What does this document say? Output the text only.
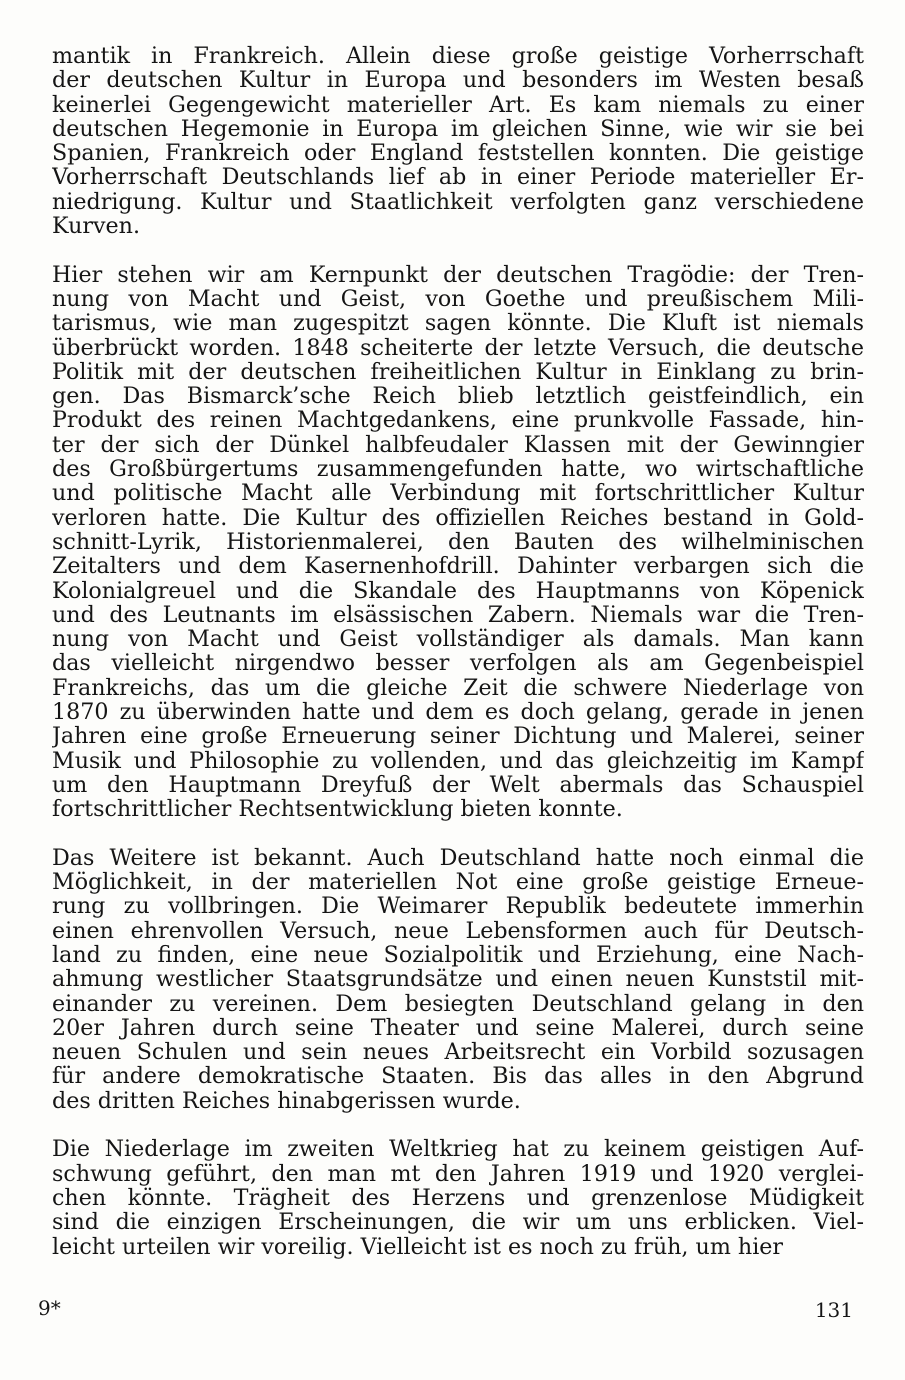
mantik in Frankreich. Allein diese große geistige Vorherrschaft
der deutschen Kultur in Europa und besonders im Westen besaß
keinerlei Gegengewicht materieller Art. Es kam niemals zu einer
deutschen Hegemonie in Europa im gleichen Sinne, wie wir sie bei
Spanien, Frankreich oder England feststellen konnten. Die geistige
Vorherrschaft Deutschlands lief ab in einer Periode materieller Er-
niedrigung. Kultur und Staatlichkeit verfolgten ganz verschiedene
Kurven.
Hier stehen wir am Kernpunkt der deutschen Tragödie: der Tren-
nung von Macht und Geist, von Goethe und preußischem Mili-
tarismus, wie man zugespitzt sagen könnte. Die Kluft ist niemals
überbrückt worden. 1848 scheiterte der letzte Versuch, die deutsche
Politik mit der deutschen freiheitlichen Kultur in Einklang zu brin-
gen. Das Bismarck’sche Reich blieb letztlich geistfeindlich, ein
Produkt des reinen Machtgedankens, eine prunkvolle Fassade, hin-
ter der sich der Dünkel halbfeudaler Klassen mit der Gewinngier
des Großbürgertums zusammengefunden hatte, wo wirtschaftliche
und politische Macht alle Verbindung mit fortschrittlicher Kultur
verloren hatte. Die Kultur des offiziellen Reiches bestand in Gold-
schnitt-Lyrik, Historienmalerei, den Bauten des wilhelminischen
Zeitalters und dem Kasernenhofdrill. Dahinter verbargen sich die
Kolonialgreuel und die Skandale des Hauptmanns von Köpenick
und des Leutnants im elsässischen Zabern. Niemals war die Tren-
nung von Macht und Geist vollständiger als damals. Man kann
das vielleicht nirgendwo besser verfolgen als am Gegenbeispiel
Frankreichs, das um die gleiche Zeit die schwere Niederlage von
1870 zu überwinden hatte und dem es doch gelang, gerade in jenen
Jahren eine große Erneuerung seiner Dichtung und Malerei, seiner
Musik und Philosophie zu vollenden, und das gleichzeitig im Kampf
um den Hauptmann Dreyfuß der Welt abermals das Schauspiel
fortschrittlicher Rechtsentwicklung bieten konnte.
Das Weitere ist bekannt. Auch Deutschland hatte noch einmal die
Möglichkeit, in der materiellen Not eine große geistige Erneue-
rung zu vollbringen. Die Weimarer Republik bedeutete immerhin
einen ehrenvollen Versuch, neue Lebensformen auch für Deutsch-
land zu finden, eine neue Sozialpolitik und Erziehung, eine Nach-
ahmung westlicher Staatsgrundsätze und einen neuen Kunststil mit-
einander zu vereinen. Dem besiegten Deutschland gelang in den
20er Jahren durch seine Theater und seine Malerei, durch seine
neuen Schulen und sein neues Arbeitsrecht ein Vorbild sozusagen
für andere demokratische Staaten. Bis das alles in den Abgrund
des dritten Reiches hinabgerissen wurde.
Die Niederlage im zweiten Weltkrieg hat zu keinem geistigen Auf-
schwung geführt, den man mt den Jahren 1919 und 1920 verglei-
chen könnte. Trägheit des Herzens und grenzenlose Müdigkeit
sind die einzigen Erscheinungen, die wir um uns erblicken. Viel-
leicht urteilen wir voreilig. Vielleicht ist es noch zu früh, um hier
9*	131
